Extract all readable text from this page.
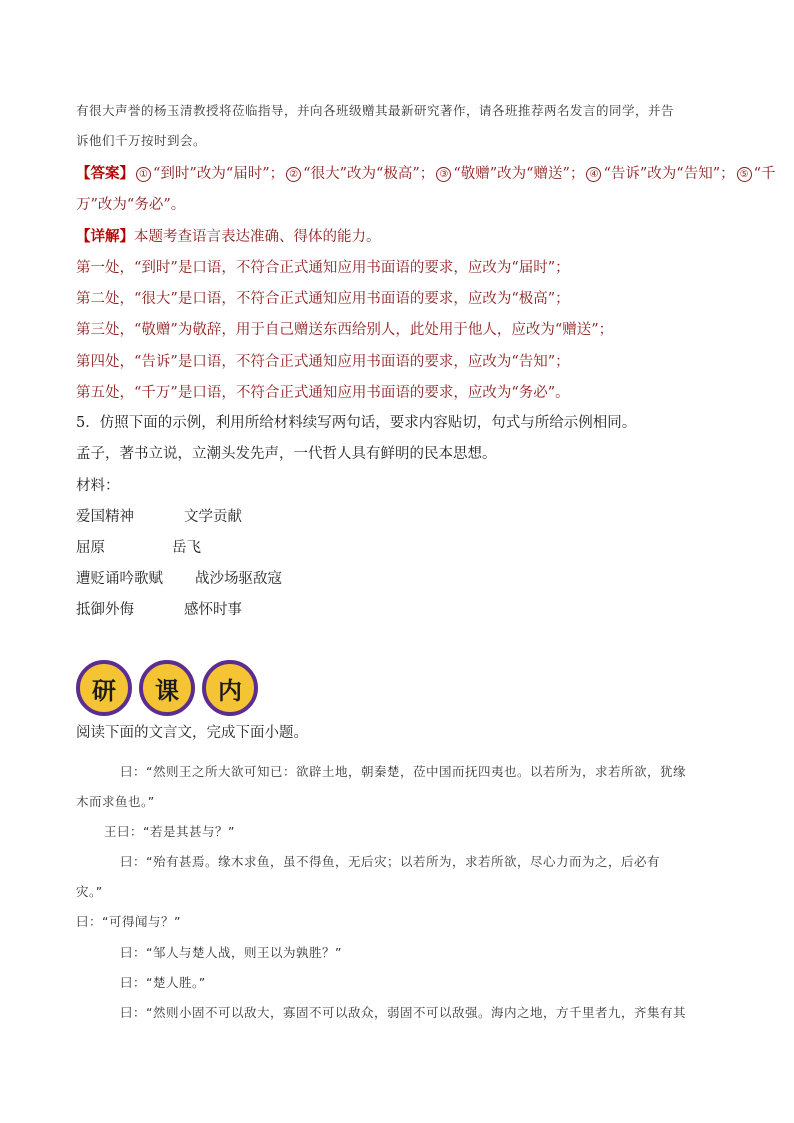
有很大声誉的杨玉清教授将莅临指导，并向各班级赠其最新研究著作，请各班推荐两名发言的同学，并告
诉他们千万按时到会。
【答案】 ① “到时”改为“届时”； ② “很大”改为“极高”； ③ “敬赠”改为“赠送”； ④ “告诉”改为“告知”； ⑤ “千
万”改为“务必”。
【详解】本题考查语言表达准确、得体的能力。
第一处，“到时”是口语，不符合正式通知应用书面语的要求，应改为“届时”；
第二处，“很大”是口语，不符合正式通知应用书面语的要求，应改为“极高”；
第三处，“敬赠”为敬辞，用于自己赠送东西给别人，此处用于他人，应改为“赠送”；
第四处，“告诉”是口语，不符合正式通知应用书面语的要求，应改为“告知”；
第五处，“千万”是口语，不符合正式通知应用书面语的要求，应改为“务必”。
5．仿照下面的示例，利用所给材料续写两句话，要求内容贴切，句式与所给示例相同。
孟子，著书立说，立潮头发先声，一代哲人具有鲜明的民本思想。
材料：
爱国精神	文学贡献
屈原	岳飞
遭贬诵吟歌赋 战沙场驱敌寇
抵御外侮	感怀时事
研	课	内
阅读下面的文言文，完成下面小题。
曰：“然则王之所大欲可知已：欲辟土地，朝秦楚，莅中国而抚四夷也。以若所为，求若所欲，犹缘
木而求鱼也。”
王曰：“若是其甚与？”
曰：“殆有甚焉。缘木求鱼，虽不得鱼，无后灾；以若所为，求若所欲，尽心力而为之，后必有
灾。”
曰：“可得闻与？”
曰：“邹人与楚人战，则王以为孰胜？”
曰：“楚人胜。”
曰：“然则小固不可以敌大，寡固不可以敌众，弱固不可以敌强。海内之地，方千里者九，齐集有其
